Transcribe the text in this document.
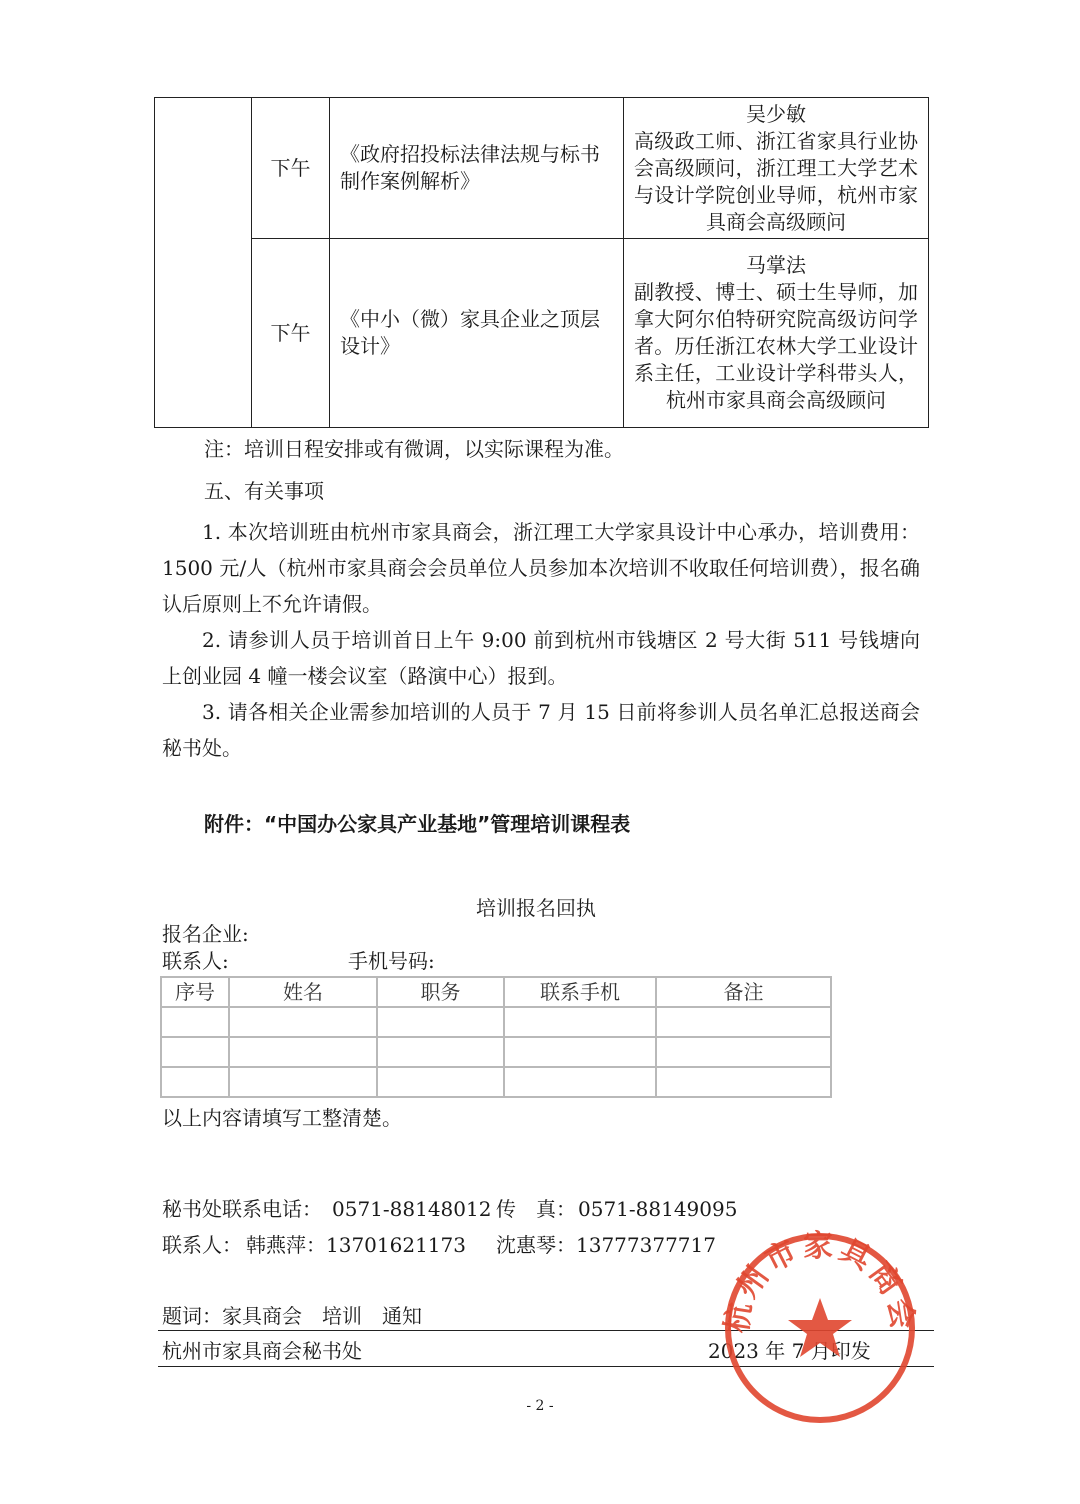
	下午	《政府招投标法律法规与标书制作案例解析》	吴少敏
高级政工师、浙江省家具行业协会高级顾问，浙江理工大学艺术与设计学院创业导师，杭州市家具商会高级顾问

	下午	《中小（微）家具企业之顶层设计》	马掌法
副教授、博士、硕士生导师，加拿大阿尔伯特研究院高级访问学者。历任浙江农林大学工业设计系主任，工业设计学科带头人，杭州市家具商会高级顾问
注：培训日程安排或有微调，以实际课程为准。
五、有关事项
1. 本次培训班由杭州市家具商会，浙江理工大学家具设计中心承办，培训费用：1500 元/人（杭州市家具商会会员单位人员参加本次培训不收取任何培训费），报名确认后原则上不允许请假。
2. 请参训人员于培训首日上午 9:00 前到杭州市钱塘区 2 号大街 511 号钱塘向上创业园 4 幢一楼会议室（路演中心）报到。
3. 请各相关企业需参加培训的人员于 7 月 15 日前将参训人员名单汇总报送商会秘书处。
附件：“中国办公家具产业基地”管理培训课程表
培训报名回执
报名企业:
联系人:	手机号码:
序号	姓名	职务	联系手机	备注

以上内容请填写工整清楚。
秘书处联系电话： 0571-88148012 传　真： 0571-88149095
联系人： 韩燕萍：13701621173 沈惠琴：13777377717
题词：家具商会　培训　通知
杭州市家具商会秘书处	2023 年 7 月印发
- 2 -
杭州市家具商会
